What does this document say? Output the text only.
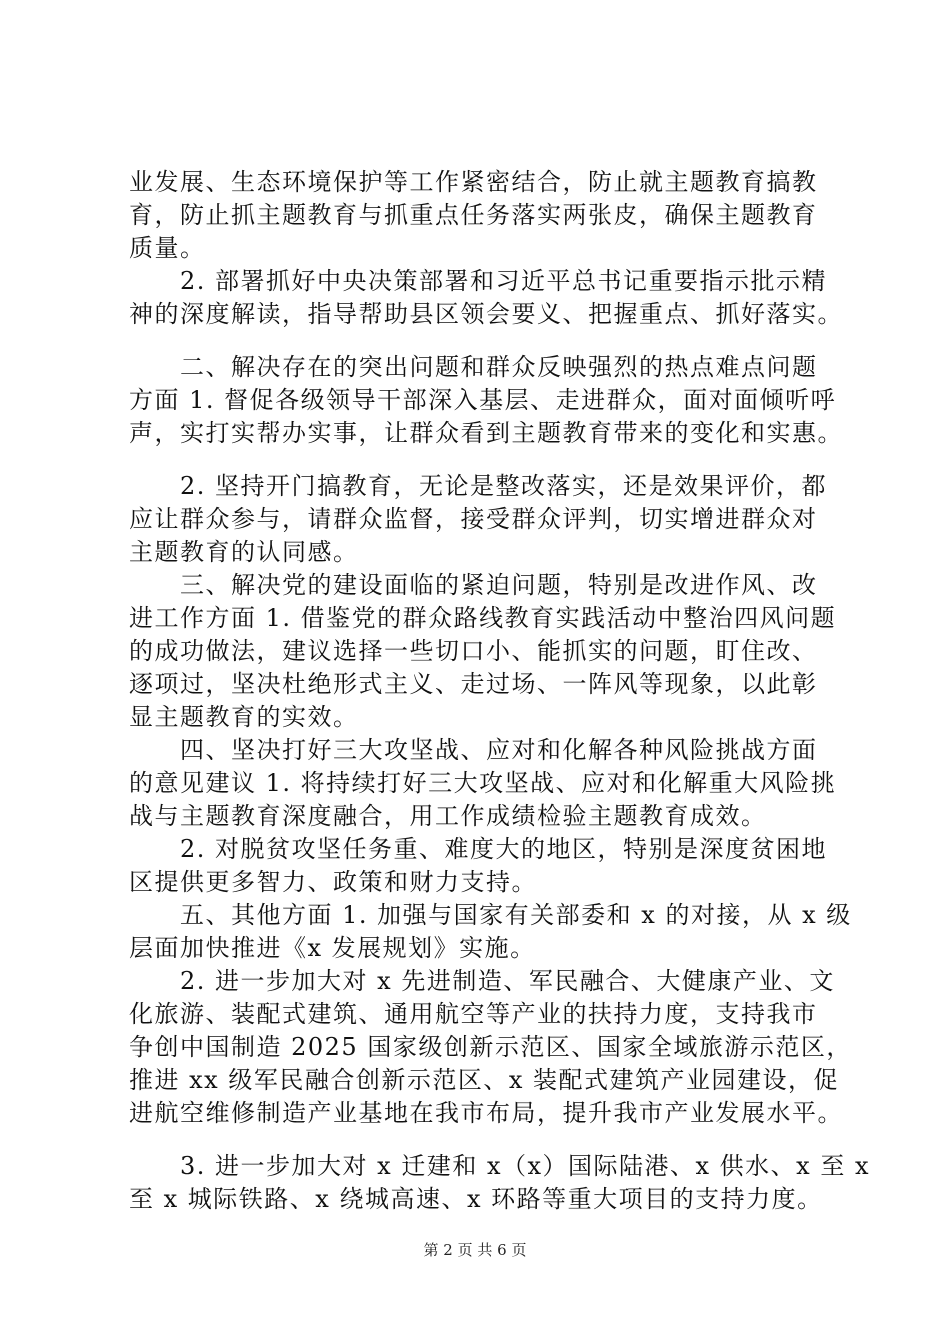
业发展、生态环境保护等工作紧密结合，防止就主题教育搞教
育，防止抓主题教育与抓重点任务落实两张皮，确保主题教育
质量。
　　2. 部署抓好中央决策部署和习近平总书记重要指示批示精
神的深度解读，指导帮助县区领会要义、把握重点、抓好落实。
　　二、解决存在的突出问题和群众反映强烈的热点难点问题
方面 1. 督促各级领导干部深入基层、走进群众，面对面倾听呼
声，实打实帮办实事，让群众看到主题教育带来的变化和实惠。
　　2. 坚持开门搞教育，无论是整改落实，还是效果评价，都
应让群众参与，请群众监督，接受群众评判，切实增进群众对
主题教育的认同感。
　　三、解决党的建设面临的紧迫问题，特别是改进作风、改
进工作方面 1. 借鉴党的群众路线教育实践活动中整治四风问题
的成功做法，建议选择一些切口小、能抓实的问题，盯住改、
逐项过，坚决杜绝形式主义、走过场、一阵风等现象，以此彰
显主题教育的实效。
　　四、坚决打好三大攻坚战、应对和化解各种风险挑战方面
的意见建议 1. 将持续打好三大攻坚战、应对和化解重大风险挑
战与主题教育深度融合，用工作成绩检验主题教育成效。
　　2. 对脱贫攻坚任务重、难度大的地区，特别是深度贫困地
区提供更多智力、政策和财力支持。
　　五、其他方面 1. 加强与国家有关部委和 x 的对接，从 x 级
层面加快推进《x 发展规划》实施。
　　2. 进一步加大对 x 先进制造、军民融合、大健康产业、文
化旅游、装配式建筑、通用航空等产业的扶持力度，支持我市
争创中国制造 2025 国家级创新示范区、国家全域旅游示范区，
推进 xx 级军民融合创新示范区、x 装配式建筑产业园建设，促
进航空维修制造产业基地在我市布局，提升我市产业发展水平。
　　3. 进一步加大对 x 迁建和 x（x）国际陆港、x 供水、x 至 x
至 x 城际铁路、x 绕城高速、x 环路等重大项目的支持力度。
第 2 页 共 6 页
